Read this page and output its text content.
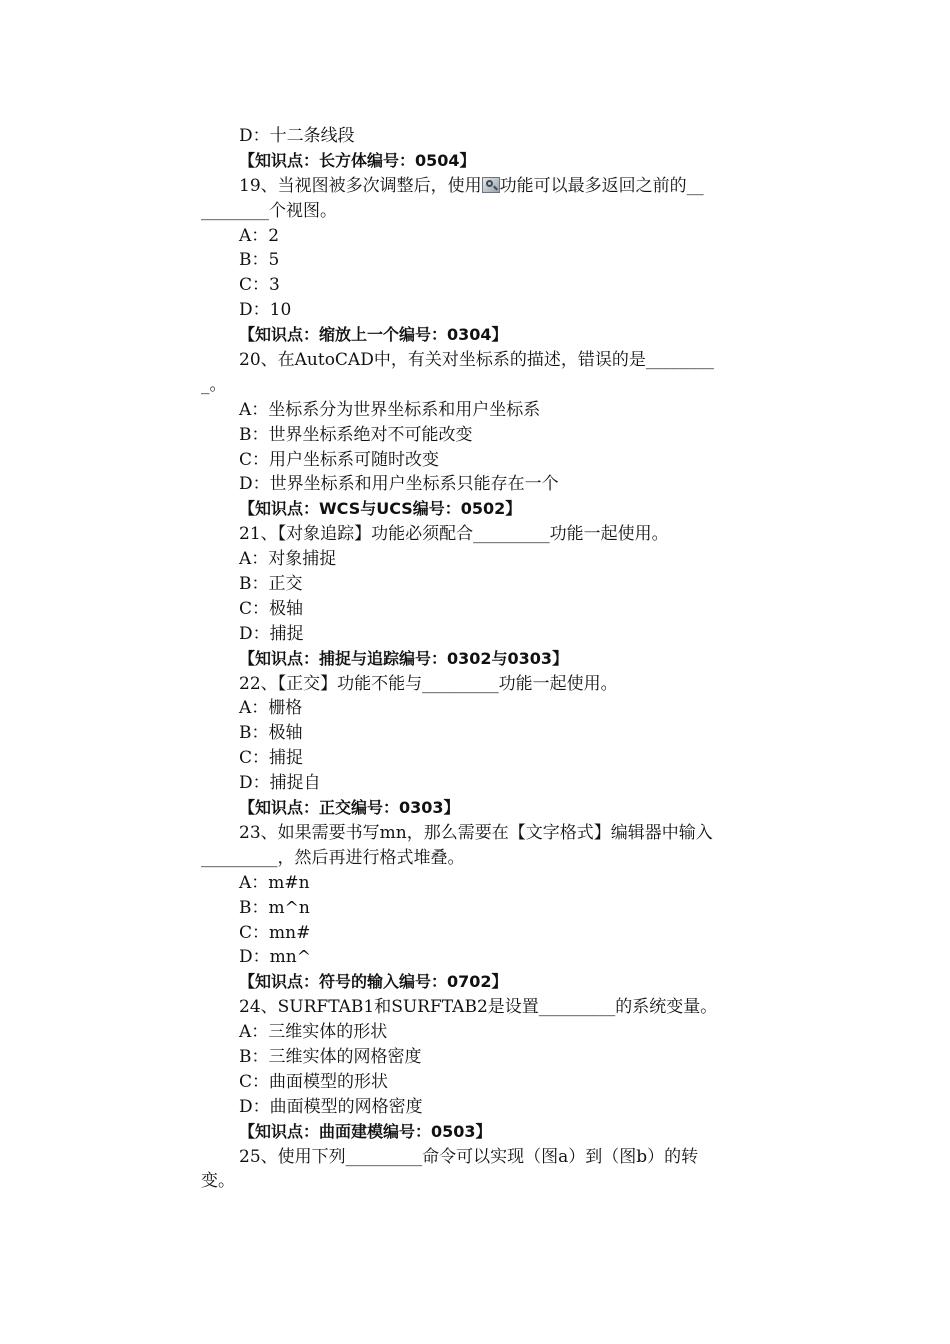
D：十二条线段
【知识点：长方体编号：0504】
19、当视图被多次调整后，使用 功能可以最多返回之前的__
________个视图。
A：2
B：5
C：3
D：10
【知识点：缩放上一个编号：0304】
20、在AutoCAD中，有关对坐标系的描述，错误的是________
_。
A：坐标系分为世界坐标系和用户坐标系
B：世界坐标系绝对不可能改变
C：用户坐标系可随时改变
D：世界坐标系和用户坐标系只能存在一个
【知识点：WCS与UCS编号：0502】
21、【对象追踪】功能必须配合_________功能一起使用。
A：对象捕捉
B：正交
C：极轴
D：捕捉
【知识点：捕捉与追踪编号：0302与0303】
22、【正交】功能不能与_________功能一起使用。
A：栅格
B：极轴
C：捕捉
D：捕捉自
【知识点：正交编号：0303】
23、如果需要书写mn，那么需要在【文字格式】编辑器中输入
_________，然后再进行格式堆叠。
A：m#n
B：m^n
C：mn#
D：mn^
【知识点：符号的输入编号：0702】
24、SURFTAB1和SURFTAB2是设置_________的系统变量。
A：三维实体的形状
B：三维实体的网格密度
C：曲面模型的形状
D：曲面模型的网格密度
【知识点：曲面建模编号：0503】
25、使用下列_________命令可以实现（图a）到（图b）的转
变。
